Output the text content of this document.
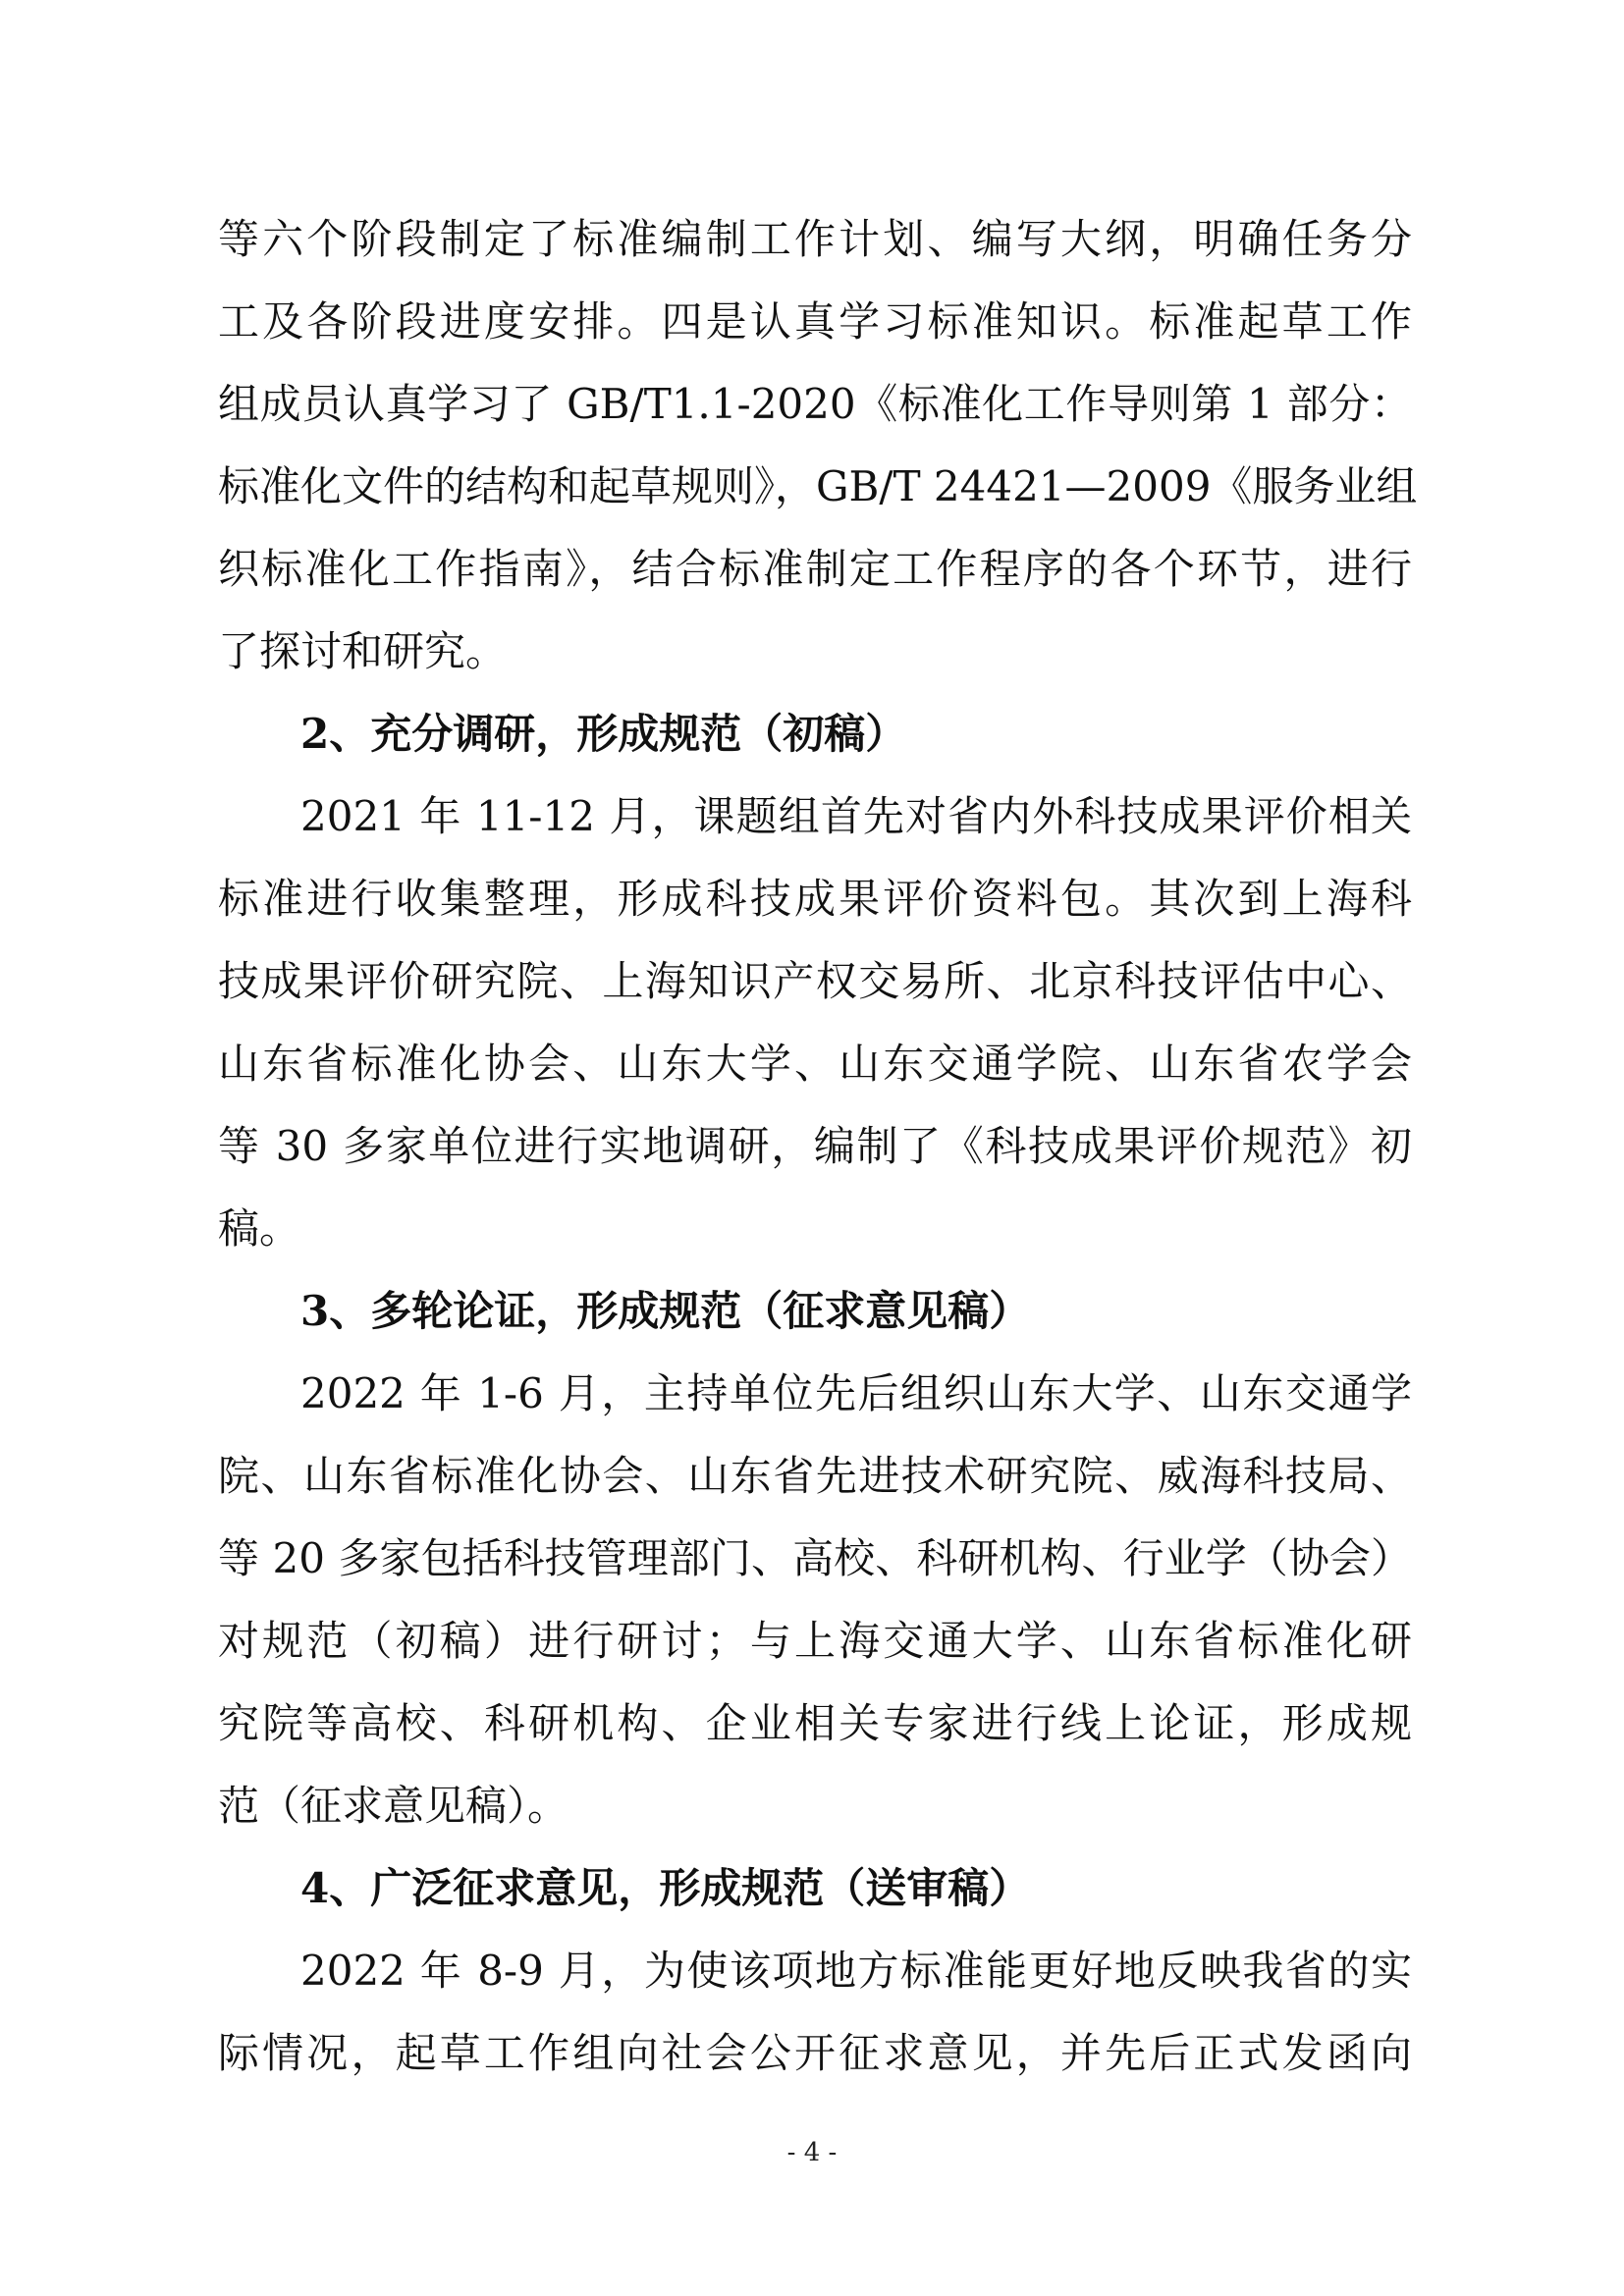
等六个阶段制定了标准编制工作计划、编写大纲，明确任务分
工及各阶段进度安排。四是认真学习标准知识。标准起草工作
组成员认真学习了 GB/T1.1-2020《标准化工作导则第 1 部分：
标准化文件的结构和起草规则》，GB/T 24421—2009《服务业组
织标准化工作指南》，结合标准制定工作程序的各个环节，进行
了探讨和研究。
2、充分调研，形成规范（初稿）
2021 年 11-12 月，课题组首先对省内外科技成果评价相关
标准进行收集整理，形成科技成果评价资料包。其次到上海科
技成果评价研究院、上海知识产权交易所、北京科技评估中心、
山东省标准化协会、山东大学、山东交通学院、山东省农学会
等 30 多家单位进行实地调研，编制了《科技成果评价规范》初
稿。
3、多轮论证，形成规范（征求意见稿）
2022 年 1-6 月，主持单位先后组织山东大学、山东交通学
院、山东省标准化协会、山东省先进技术研究院、威海科技局、
等 20 多家包括科技管理部门、高校、科研机构、行业学（协会）
对规范（初稿）进行研讨；与上海交通大学、山东省标准化研
究院等高校、科研机构、企业相关专家进行线上论证，形成规
范（征求意见稿）。
4、广泛征求意见，形成规范（送审稿）
2022 年 8-9 月，为使该项地方标准能更好地反映我省的实
际情况，起草工作组向社会公开征求意见，并先后正式发函向
- 4 -
